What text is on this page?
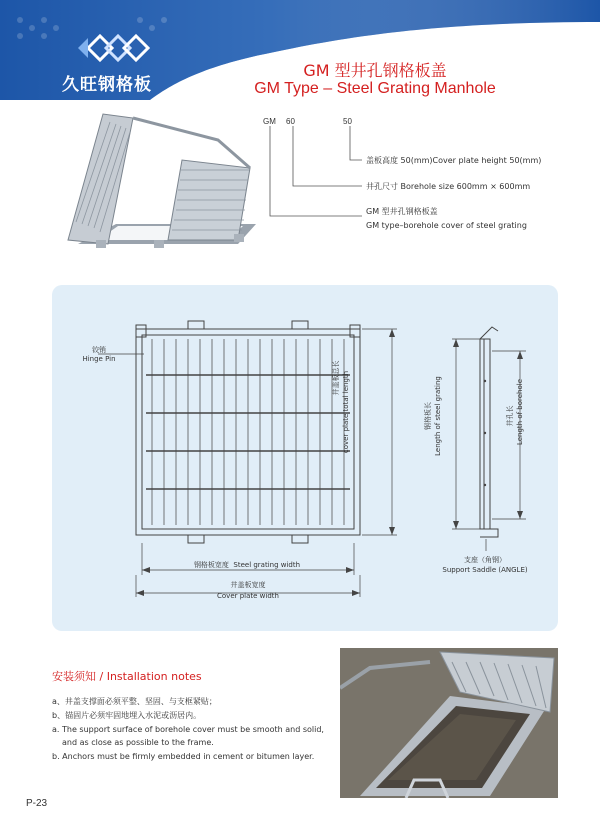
久旺钢格板
GM 型井孔钢格板盖
GM Type – Steel Grating Manhole
GM 60	50
盖板高度 50(mm)Cover plate height 50(mm)
井孔尺寸 Borehole size 600mm × 600mm
GM 型井孔钢格板盖
GM type–borehole cover of steel grating
铰销
Hinge Pin
井盖板总长 cover plate total length
钢格板宽度 Steel grating width
井盖板宽度
Cover plate width
钢格板长 Length of steel grating	井孔长 Length of borehole
支座（角钢）
Support Saddle (ANGLE)
安装须知 / Installation notes
a、井盖支撑面必须平整、坚固、与支框紧贴；
b、锚固片必须牢固地埋入水泥或沥居内。
a. The support surface of borehole cover must be smooth and solid,
and as close as possible to the frame.
b. Anchors must be firmly embedded in cement or bitumen layer.
P-23
